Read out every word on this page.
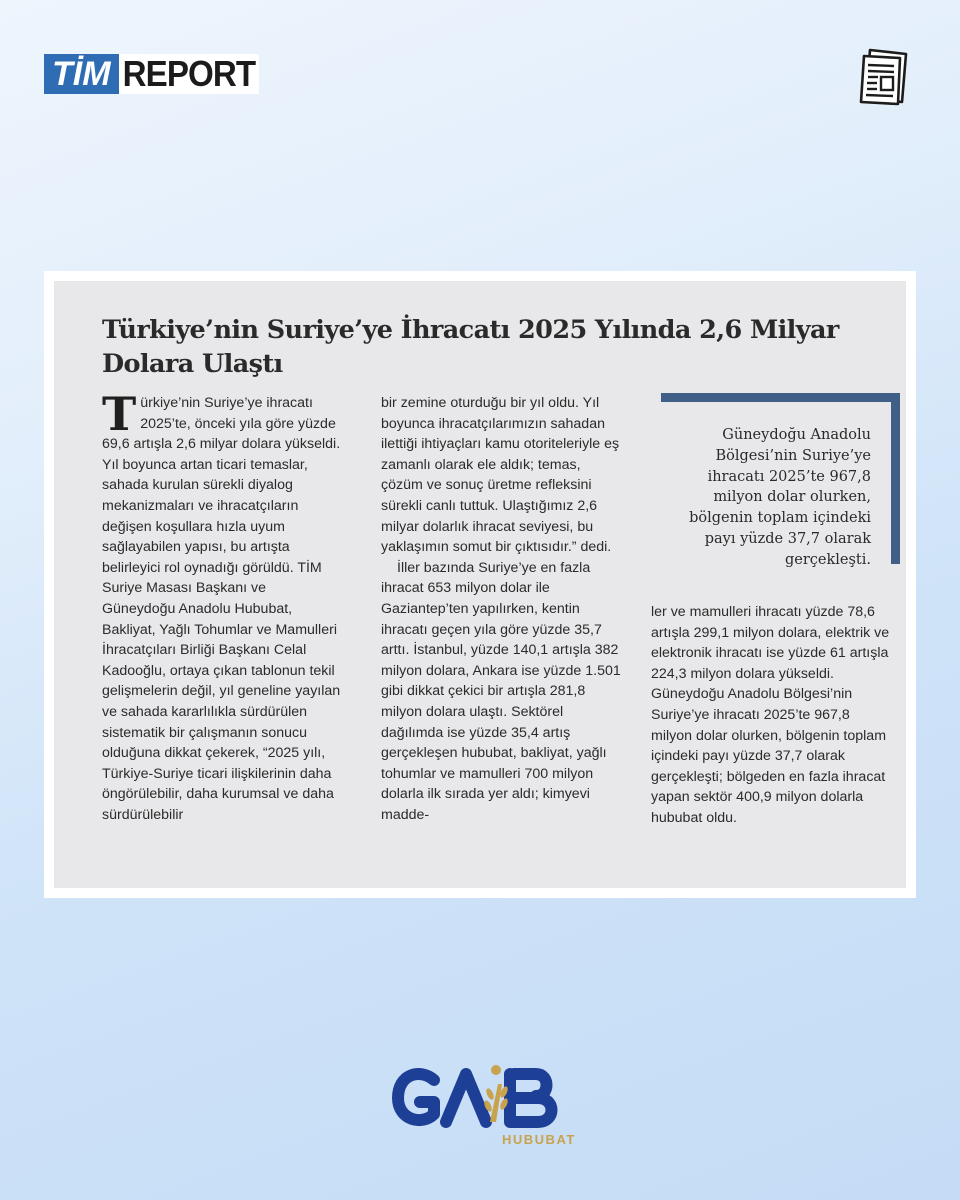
TİM REPORT
Türkiye’nin Suriye’ye İhracatı 2025 Yılında 2,6 Milyar Dolara Ulaştı

Türkiye’nin Suriye’ye ihracatı 2025’te, önceki yıla göre yüzde 69,6 artışla 2,6 milyar dolara yükseldi. Yıl boyunca artan ticari temaslar, sahada kurulan sürekli diyalog mekanizmaları ve ihracatçıların değişen koşullara hızla uyum sağlayabilen yapısı, bu artışta belirleyici rol oynadığı görüldü. TİM Suriye Masası Başkanı ve Güneydoğu Anadolu Hububat, Bakliyat, Yağlı Tohumlar ve Mamulleri İhracatçıları Birliği Başkanı Celal Kadooğlu, ortaya çıkan tablonun tekil gelişmelerin değil, yıl geneline yayılan ve sahada kararlılıkla sürdürülen sistematik bir çalışmanın sonucu olduğuna dikkat çekerek, “2025 yılı, Türkiye-Suriye ticari ilişkilerinin daha öngörülebilir, daha kurumsal ve daha sürdürülebilir

bir zemine oturduğu bir yıl oldu. Yıl boyunca ihracatçılarımızın sahadan ilettiği ihtiyaçları kamu otoriteleriyle eş zamanlı olarak ele aldık; temas, çözüm ve sonuç üretme refleksini sürekli canlı tuttuk. Ulaştığımız 2,6 milyar dolarlık ihracat seviyesi, bu yaklaşımın somut bir çıktısıdır.” dedi.

İller bazında Suriye’ye en fazla ihracat 653 milyon dolar ile Gaziantep’ten yapılırken, kentin ihracatı geçen yıla göre yüzde 35,7 arttı. İstanbul, yüzde 140,1 artışla 382 milyon dolara, Ankara ise yüzde 1.501 gibi dikkat çekici bir artışla 281,8 milyon dolara ulaştı. Sektörel dağılımda ise yüzde 35,4 artış gerçekleşen hububat, bakliyat, yağlı tohumlar ve mamulleri 700 milyon dolarla ilk sırada yer aldı; kimyevi madde-

Güneydoğu Anadolu Bölgesi’nin Suriye’ye ihracatı 2025’te 967,8 milyon dolar olurken, bölgenin toplam içindeki payı yüzde 37,7 olarak gerçekleşti.

ler ve mamulleri ihracatı yüzde 78,6 artışla 299,1 milyon dolara, elektrik ve elektronik ihracatı ise yüzde 61 artışla 224,3 milyon dolara yükseldi. Güneydoğu Anadolu Bölgesi’nin Suriye’ye ihracatı 2025’te 967,8 milyon dolar olurken, bölgenin toplam içindeki payı yüzde 37,7 olarak gerçekleşti; bölgeden en fazla ihracat yapan sektör 400,9 milyon dolarla hububat oldu.

HUBUBAT
